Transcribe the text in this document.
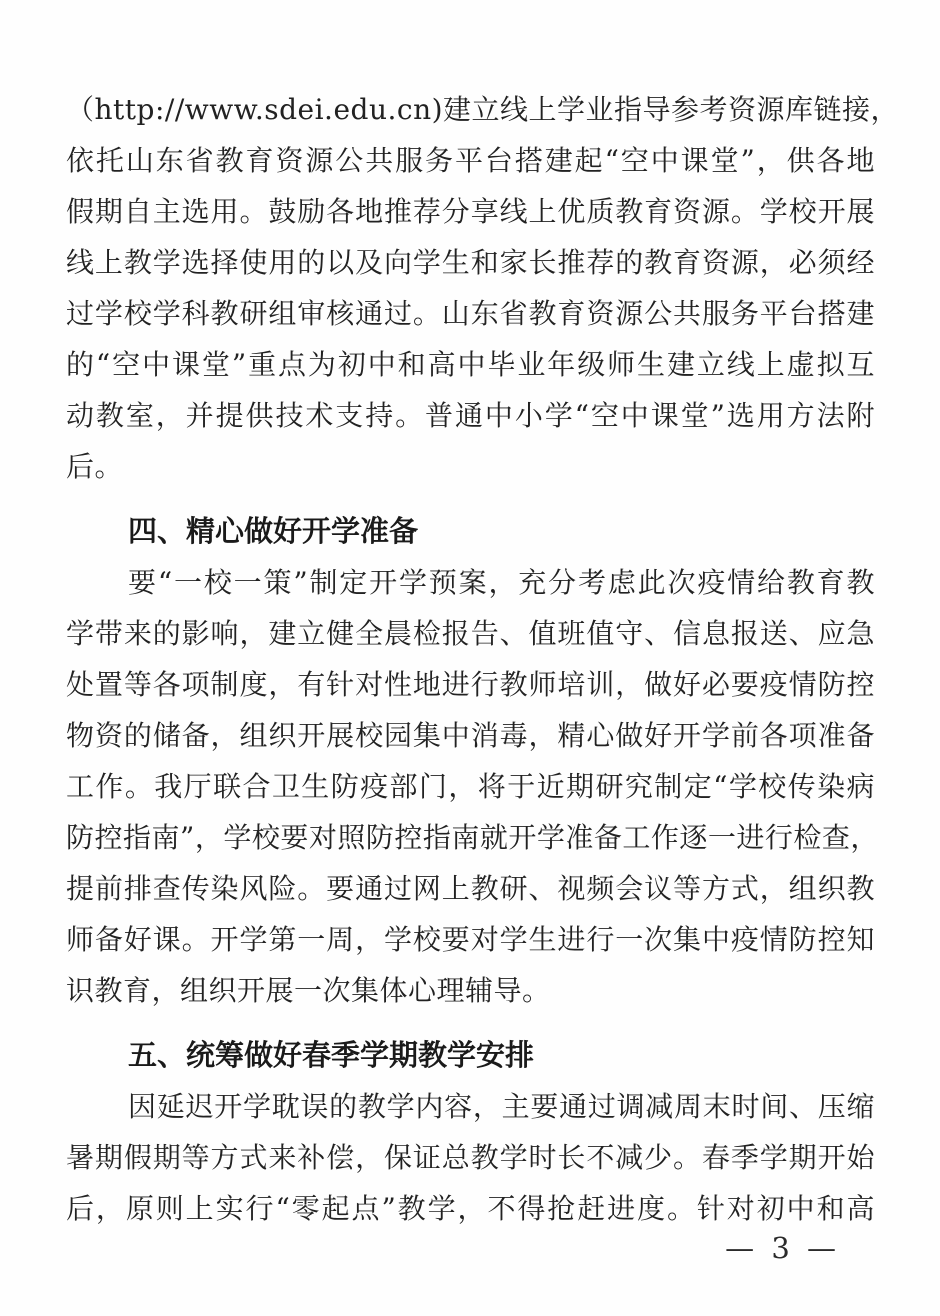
（http://www.sdei.edu.cn)建立线上学业指导参考资源库链接，
依托山东省教育资源公共服务平台搭建起“空中课堂”，供各地
假期自主选用。鼓励各地推荐分享线上优质教育资源。学校开展
线上教学选择使用的以及向学生和家长推荐的教育资源，必须经
过学校学科教研组审核通过。山东省教育资源公共服务平台搭建
的“空中课堂”重点为初中和高中毕业年级师生建立线上虚拟互
动教室，并提供技术支持。普通中小学“空中课堂”选用方法附
后。
四、精心做好开学准备
要“一校一策”制定开学预案，充分考虑此次疫情给教育教
学带来的影响，建立健全晨检报告、值班值守、信息报送、应急
处置等各项制度，有针对性地进行教师培训，做好必要疫情防控
物资的储备，组织开展校园集中消毒，精心做好开学前各项准备
工作。我厅联合卫生防疫部门，将于近期研究制定“学校传染病
防控指南”，学校要对照防控指南就开学准备工作逐一进行检查，
提前排查传染风险。要通过网上教研、视频会议等方式，组织教
师备好课。开学第一周，学校要对学生进行一次集中疫情防控知
识教育，组织开展一次集体心理辅导。
五、统筹做好春季学期教学安排
因延迟开学耽误的教学内容，主要通过调减周末时间、压缩
暑期假期等方式来补偿，保证总教学时长不减少。春季学期开始
后，原则上实行“零起点”教学，不得抢赶进度。针对初中和高
— 3 —
